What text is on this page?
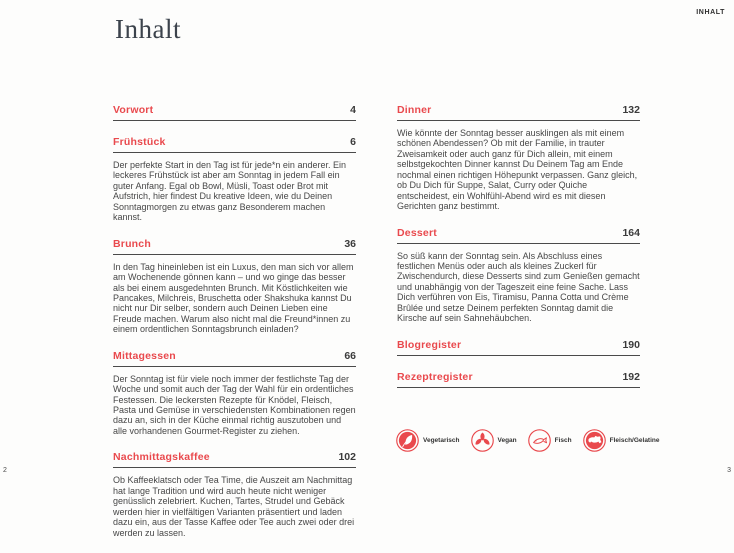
INHALT
Inhalt
Vorwort	4
Frühstück	6

Der perfekte Start in den Tag ist für jede*n ein anderer. Ein leckeres Frühstück ist aber am Sonntag in jedem Fall ein guter Anfang. Egal ob Bowl, Müsli, Toast oder Brot mit Aufstrich, hier findest Du kreative Ideen, wie du Deinen Sonntagmorgen zu etwas ganz Besonderem machen kannst.

Brunch	36

In den Tag hineinleben ist ein Luxus, den man sich vor allem am Wochenende gönnen kann – und wo ginge das besser als bei einem ausgedehnten Brunch. Mit Köstlichkeiten wie Pancakes, Milchreis, Bruschetta oder Shakshuka kannst Du nicht nur Dir selber, sondern auch Deinen Lieben eine Freude machen. Warum also nicht mal die Freund*innen zu einem ordentlichen Sonntagsbrunch einladen?

Mittagessen	66

Der Sonntag ist für viele noch immer der festlichste Tag der Woche und somit auch der Tag der Wahl für ein ordentliches Festessen. Die leckersten Rezepte für Knödel, Fleisch, Pasta und Gemüse in verschiedensten Kombinationen regen dazu an, sich in der Küche einmal richtig auszutoben und alle vorhandenen Gourmet-Register zu ziehen.

Nachmittagskaffee	102

Ob Kaffeeklatsch oder Tea Time, die Auszeit am Nachmittag hat lange Tradition und wird auch heute nicht weniger genüsslich zelebriert. Kuchen, Tartes, Strudel und Gebäck werden hier in vielfältigen Varianten präsentiert und laden dazu ein, aus der Tasse Kaffee oder Tee auch zwei oder drei werden zu lassen.

Dinner	132

Wie könnte der Sonntag besser ausklingen als mit einem schönen Abendessen? Ob mit der Familie, in trauter Zweisamkeit oder auch ganz für Dich allein, mit einem selbstgekochten Dinner kannst Du Deinem Tag am Ende nochmal einen richtigen Höhepunkt verpassen. Ganz gleich, ob Du Dich für Suppe, Salat, Curry oder Quiche entscheidest, ein Wohlfühl-Abend wird es mit diesen Gerichten ganz bestimmt.

Dessert	164

So süß kann der Sonntag sein. Als Abschluss eines festlichen Menüs oder auch als kleines Zuckerl für Zwischendurch, diese Desserts sind zum Genießen gemacht und unabhängig von der Tageszeit eine feine Sache. Lass Dich verführen von Eis, Tiramisu, Panna Cotta und Crème Brûlée und setze Deinem perfekten Sonntag damit die Kirsche auf sein Sahnehäubchen.

Blogregister	190
Rezeptregister	192
Vegetarisch	Vegan	Fisch	Fleisch/Gelatine
2	3
